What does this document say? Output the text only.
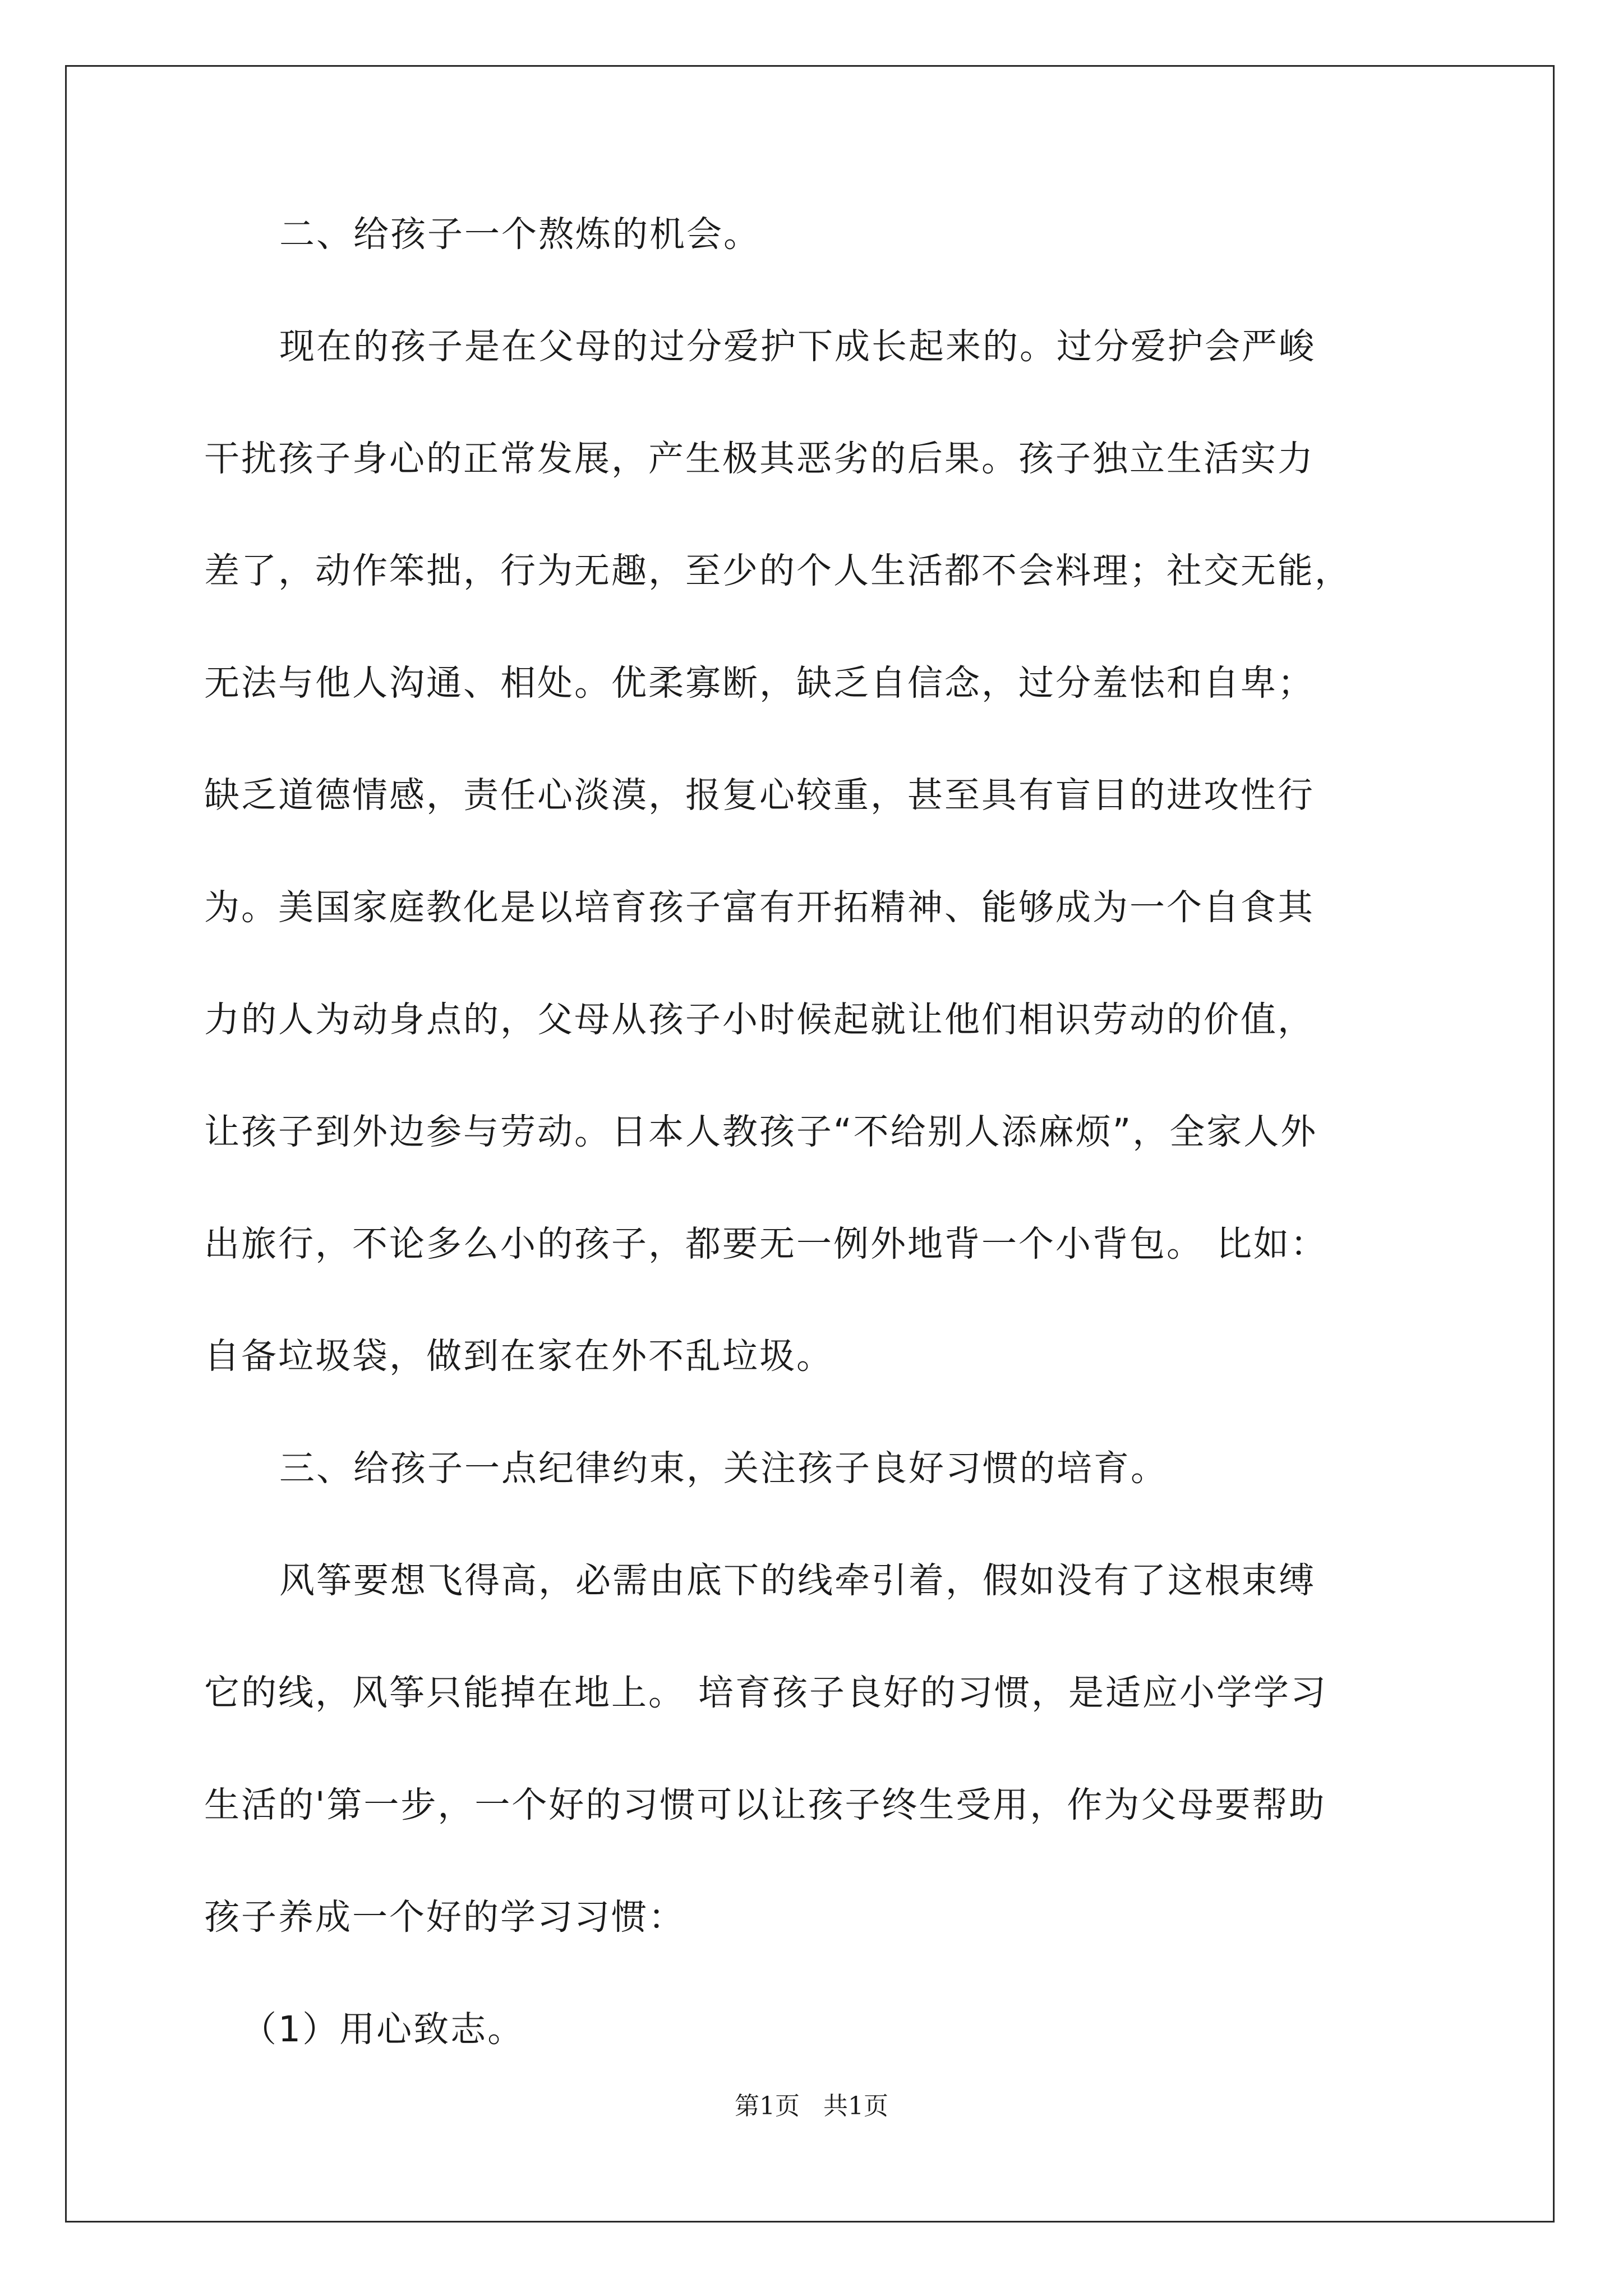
二、给孩子一个熬炼的机会。
现在的孩子是在父母的过分爱护下成长起来的。过分爱护会严峻
干扰孩子身心的正常发展，产生极其恶劣的后果。孩子独立生活实力
差了，动作笨拙，行为无趣，至少的个人生活都不会料理；社交无能，
无法与他人沟通、相处。优柔寡断，缺乏自信念，过分羞怯和自卑；
缺乏道德情感，责任心淡漠，报复心较重，甚至具有盲目的进攻性行
为。美国家庭教化是以培育孩子富有开拓精神、能够成为一个自食其
力的人为动身点的，父母从孩子小时候起就让他们相识劳动的价值，
让孩子到外边参与劳动。日本人教孩子“不给别人添麻烦”，全家人外
出旅行，不论多么小的孩子，都要无一例外地背一个小背包。 比如：
自备垃圾袋，做到在家在外不乱垃圾。
三、给孩子一点纪律约束，关注孩子良好习惯的培育。
风筝要想飞得高，必需由底下的线牵引着，假如没有了这根束缚
它的线，风筝只能掉在地上。 培育孩子良好的习惯，是适应小学学习
生活的'第一步，一个好的习惯可以让孩子终生受用，作为父母要帮助
孩子养成一个好的学习习惯：
（1）用心致志。
第1页 共1页
